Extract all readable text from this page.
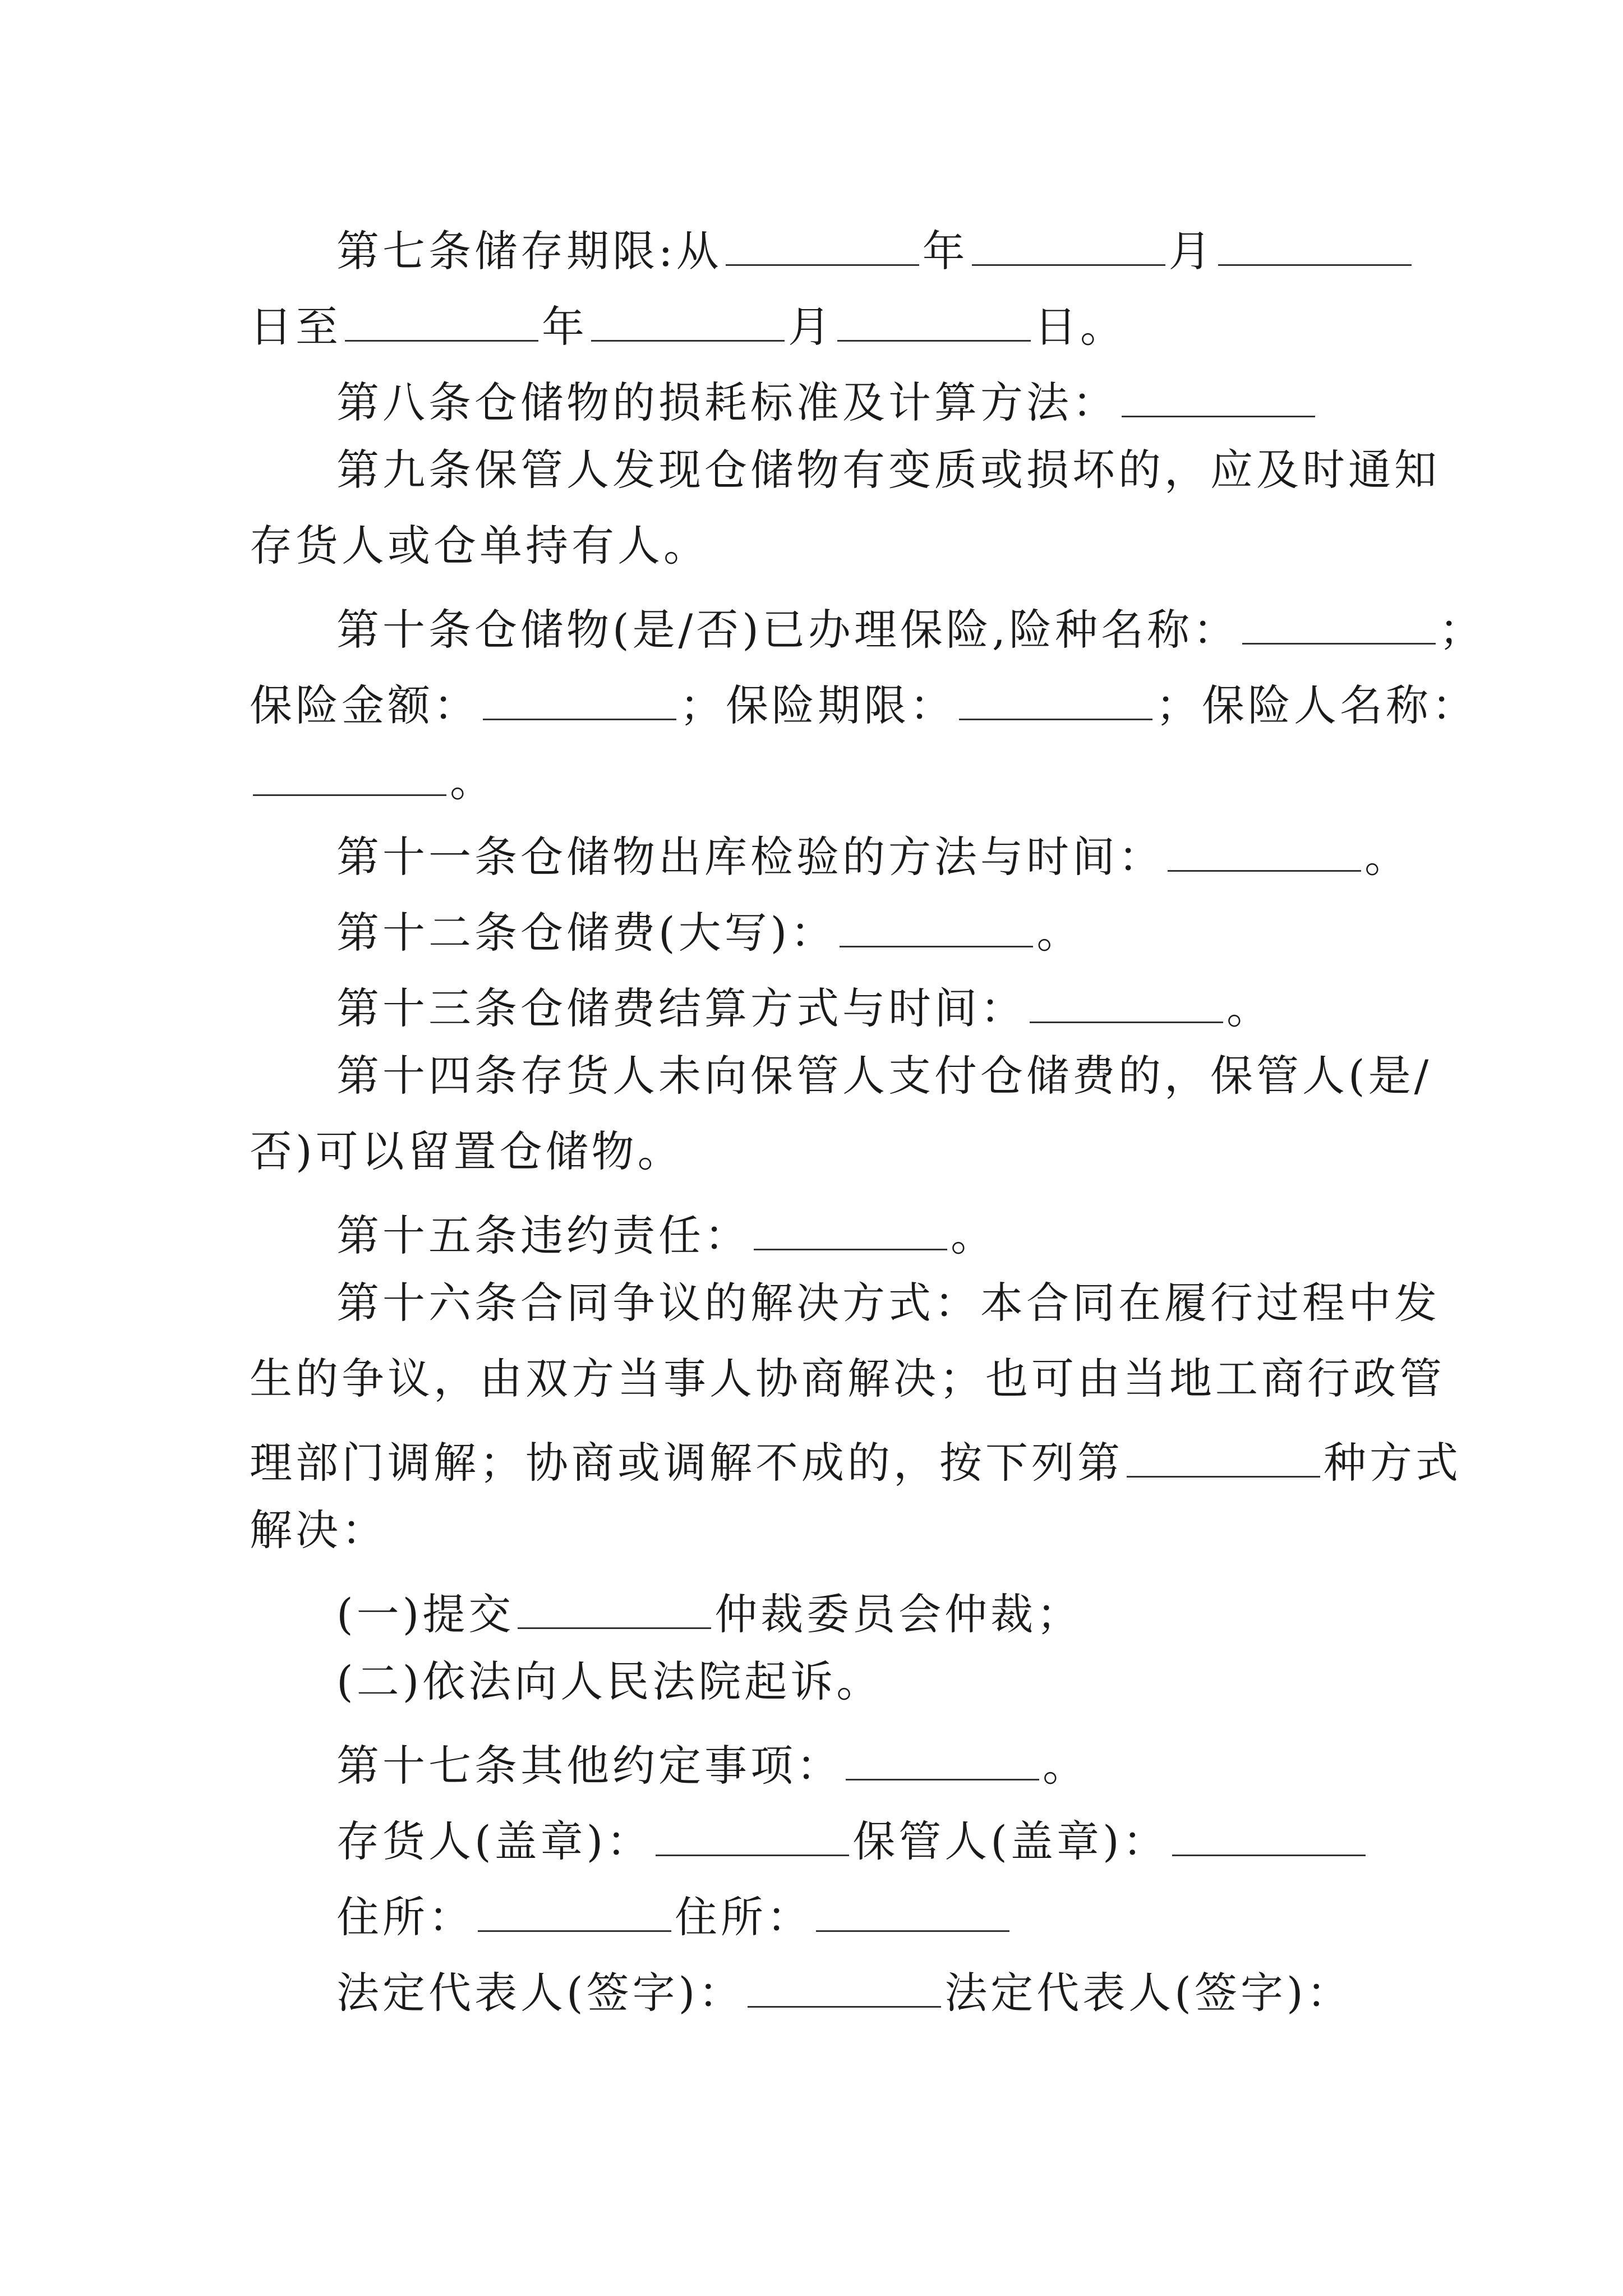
第七条储存期限:从	年	月
日至	年	月	日。
第八条仓储物的损耗标准及计算方法：
第九条保管人发现仓储物有变质或损坏的，应及时通知
存货人或仓单持有人。
第十条仓储物(是/否)已办理保险,险种名称：	；
保险金额：	；保险期限：	；保险人名称：
。
第十一条仓储物出库检验的方法与时间：	。
第十二条仓储费(大写)：	。
第十三条仓储费结算方式与时间：	。
第十四条存货人未向保管人支付仓储费的，保管人(是/
否)可以留置仓储物。
第十五条违约责任：	。
第十六条合同争议的解决方式：本合同在履行过程中发
生的争议，由双方当事人协商解决；也可由当地工商行政管
理部门调解；协商或调解不成的，按下列第	种方式
解决：
(一)提交	仲裁委员会仲裁；
(二)依法向人民法院起诉。
第十七条其他约定事项：	。
存货人(盖章)：	保管人(盖章)：
住所：	住所：
法定代表人(签字)：	法定代表人(签字)：
